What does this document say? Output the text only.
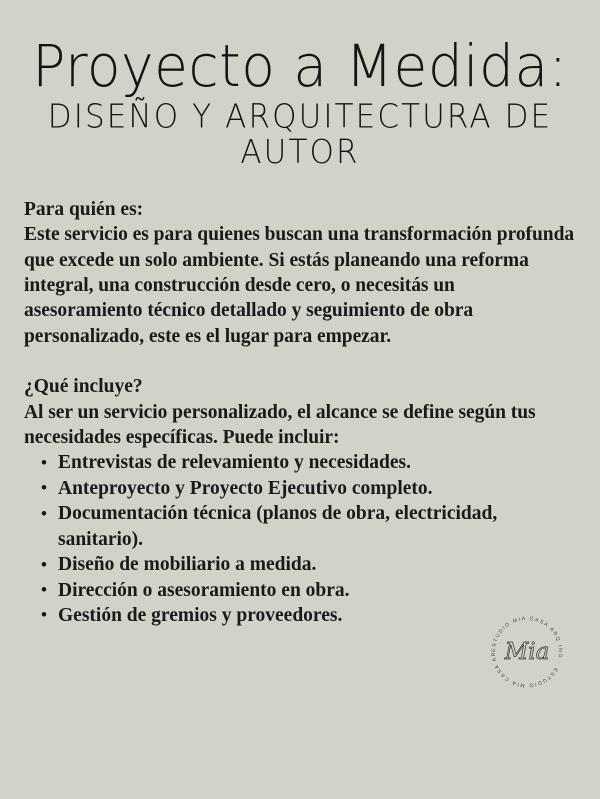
Proyecto a Medida:
DISEÑO Y ARQUITECTURA DE AUTOR

Para quién es:

Este servicio es para quienes buscan una transformación profunda que excede un solo ambiente. Si estás planeando una reforma integral, una construcción desde cero, o necesitás un asesoramiento técnico detallado y seguimiento de obra personalizado, este es el lugar para empezar.

¿Qué incluye?

Al ser un servicio personalizado, el alcance se define según tus necesidades específicas. Puede incluir:

• Entrevistas de relevamiento y necesidades.
• Anteproyecto y Proyecto Ejecutivo completo.
• Documentación técnica (planos de obra, electricidad, sanitario).
• Diseño de mobiliario a medida.
• Dirección o asesoramiento en obra.
• Gestión de gremios y proveedores.
ESTUDIO MIA CASA ARQ ING · ESTUDIO MIA CASA ARQ ING ·
Mia
